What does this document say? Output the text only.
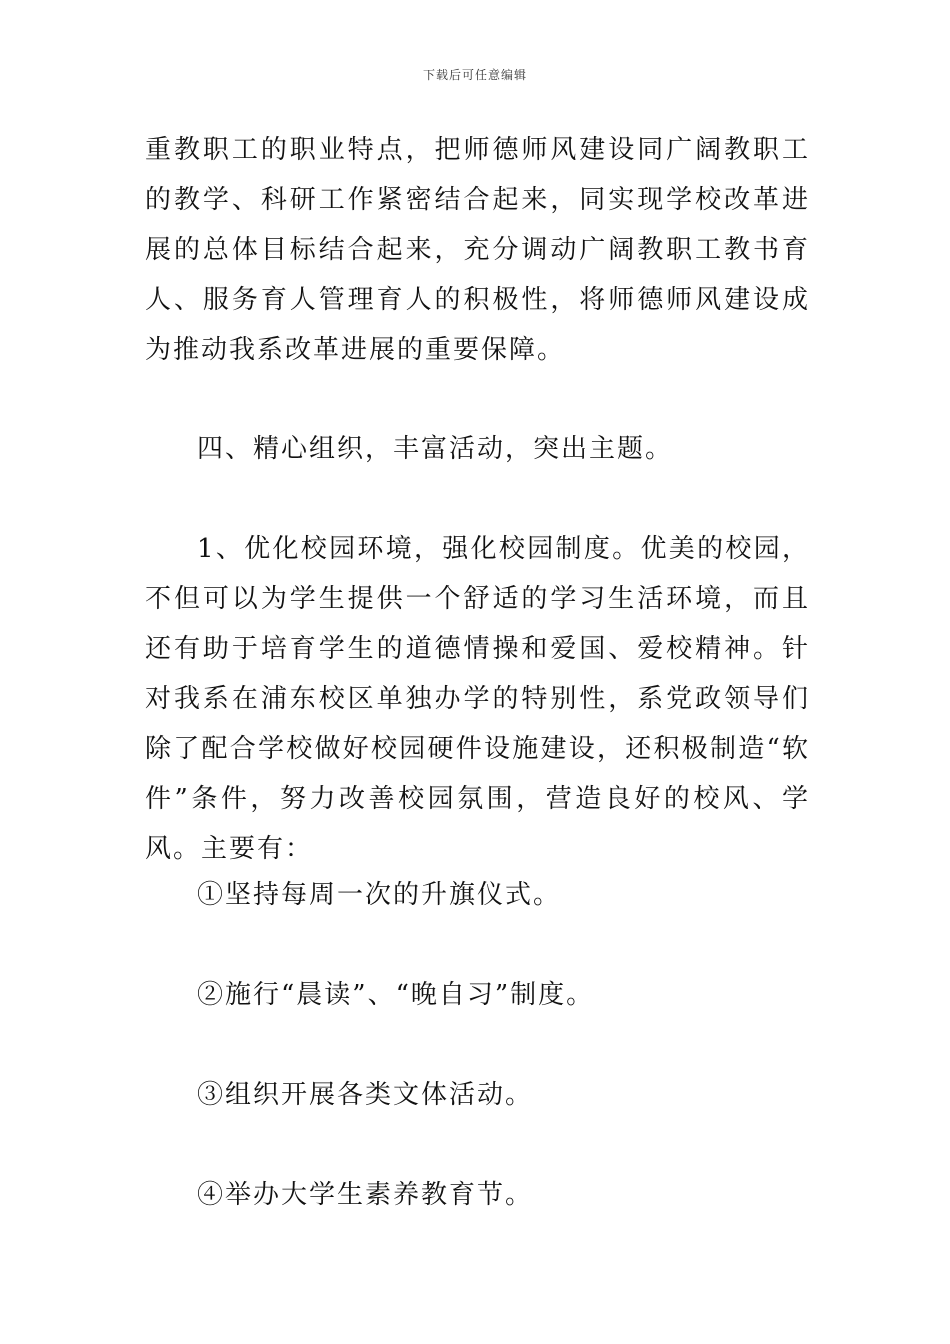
下载后可任意编辑

重教职工的职业特点，把师德师风建设同广阔教职工的教学、科研工作紧密结合起来，同实现学校改革进展的总体目标结合起来，充分调动广阔教职工教书育人、服务育人管理育人的积极性，将师德师风建设成为推动我系改革进展的重要保障。

四、精心组织，丰富活动，突出主题。

1、优化校园环境，强化校园制度。优美的校园，不但可以为学生提供一个舒适的学习生活环境，而且还有助于培育学生的道德情操和爱国、爱校精神。针对我系在浦东校区单独办学的特别性，系党政领导们除了配合学校做好校园硬件设施建设，还积极制造“软件”条件，努力改善校园氛围，营造良好的校风、学风。主要有：

①坚持每周一次的升旗仪式。

②施行“晨读”、“晚自习”制度。

③组织开展各类文体活动。

④举办大学生素养教育节。
